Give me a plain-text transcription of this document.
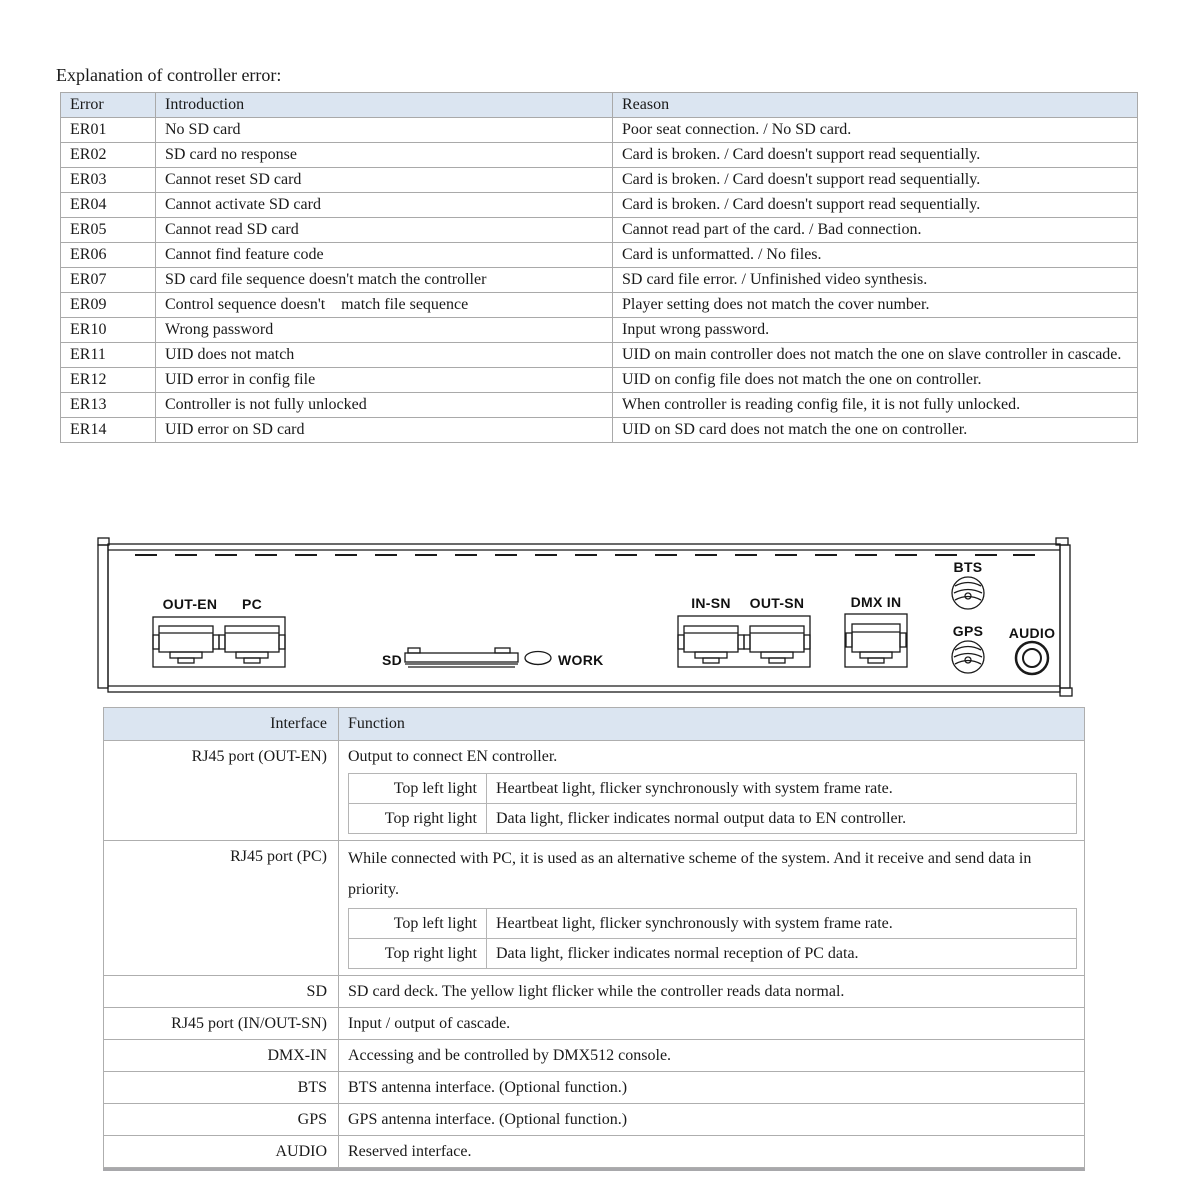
Explanation of controller error:
Error	Introduction	Reason
ER01	No SD card	Poor seat connection. / No SD card.
ER02	SD card no response	Card is broken. / Card doesn't support read sequentially.
ER03	Cannot reset SD card	Card is broken. / Card doesn't support read sequentially.
ER04	Cannot activate SD card	Card is broken. / Card doesn't support read sequentially.
ER05	Cannot read SD card	Cannot read part of the card. / Bad connection.
ER06	Cannot find feature code	Card is unformatted. / No files.
ER07	SD card file sequence doesn't match the controller	SD card file error. / Unfinished video synthesis.
ER09	Control sequence doesn't    match file sequence	Player setting does not match the cover number.
ER10	Wrong password	Input wrong password.
ER11	UID does not match	UID on main controller does not match the one on slave controller in cascade.
ER12	UID error in config file	UID on config file does not match the one on controller.
ER13	Controller is not fully unlocked	When controller is reading config file, it is not fully unlocked.
ER14	UID error on SD card	UID on SD card does not match the one on controller.
OUT-EN PC
SD	WORK
IN-SN OUT-SN	DMX IN
BTS
GPS AUDIO
Interface	Function
RJ45 port (OUT-EN)	Output to connect EN controller.
Top left light	Heartbeat light, flicker synchronously with system frame rate.
Top right light	Data light, flicker indicates normal output data to EN controller.

RJ45 port (PC)	While connected with PC, it is used as an alternative scheme of the system. And it receive and send data in priority.
Top left light	Heartbeat light, flicker synchronously with system frame rate.
Top right light	Data light, flicker indicates normal reception of PC data.

SD	SD card deck. The yellow light flicker while the controller reads data normal.
RJ45 port (IN/OUT-SN)	Input / output of cascade.
DMX-IN	Accessing and be controlled by DMX512 console.
BTS	BTS antenna interface. (Optional function.)
GPS	GPS antenna interface. (Optional function.)
AUDIO	Reserved interface.
